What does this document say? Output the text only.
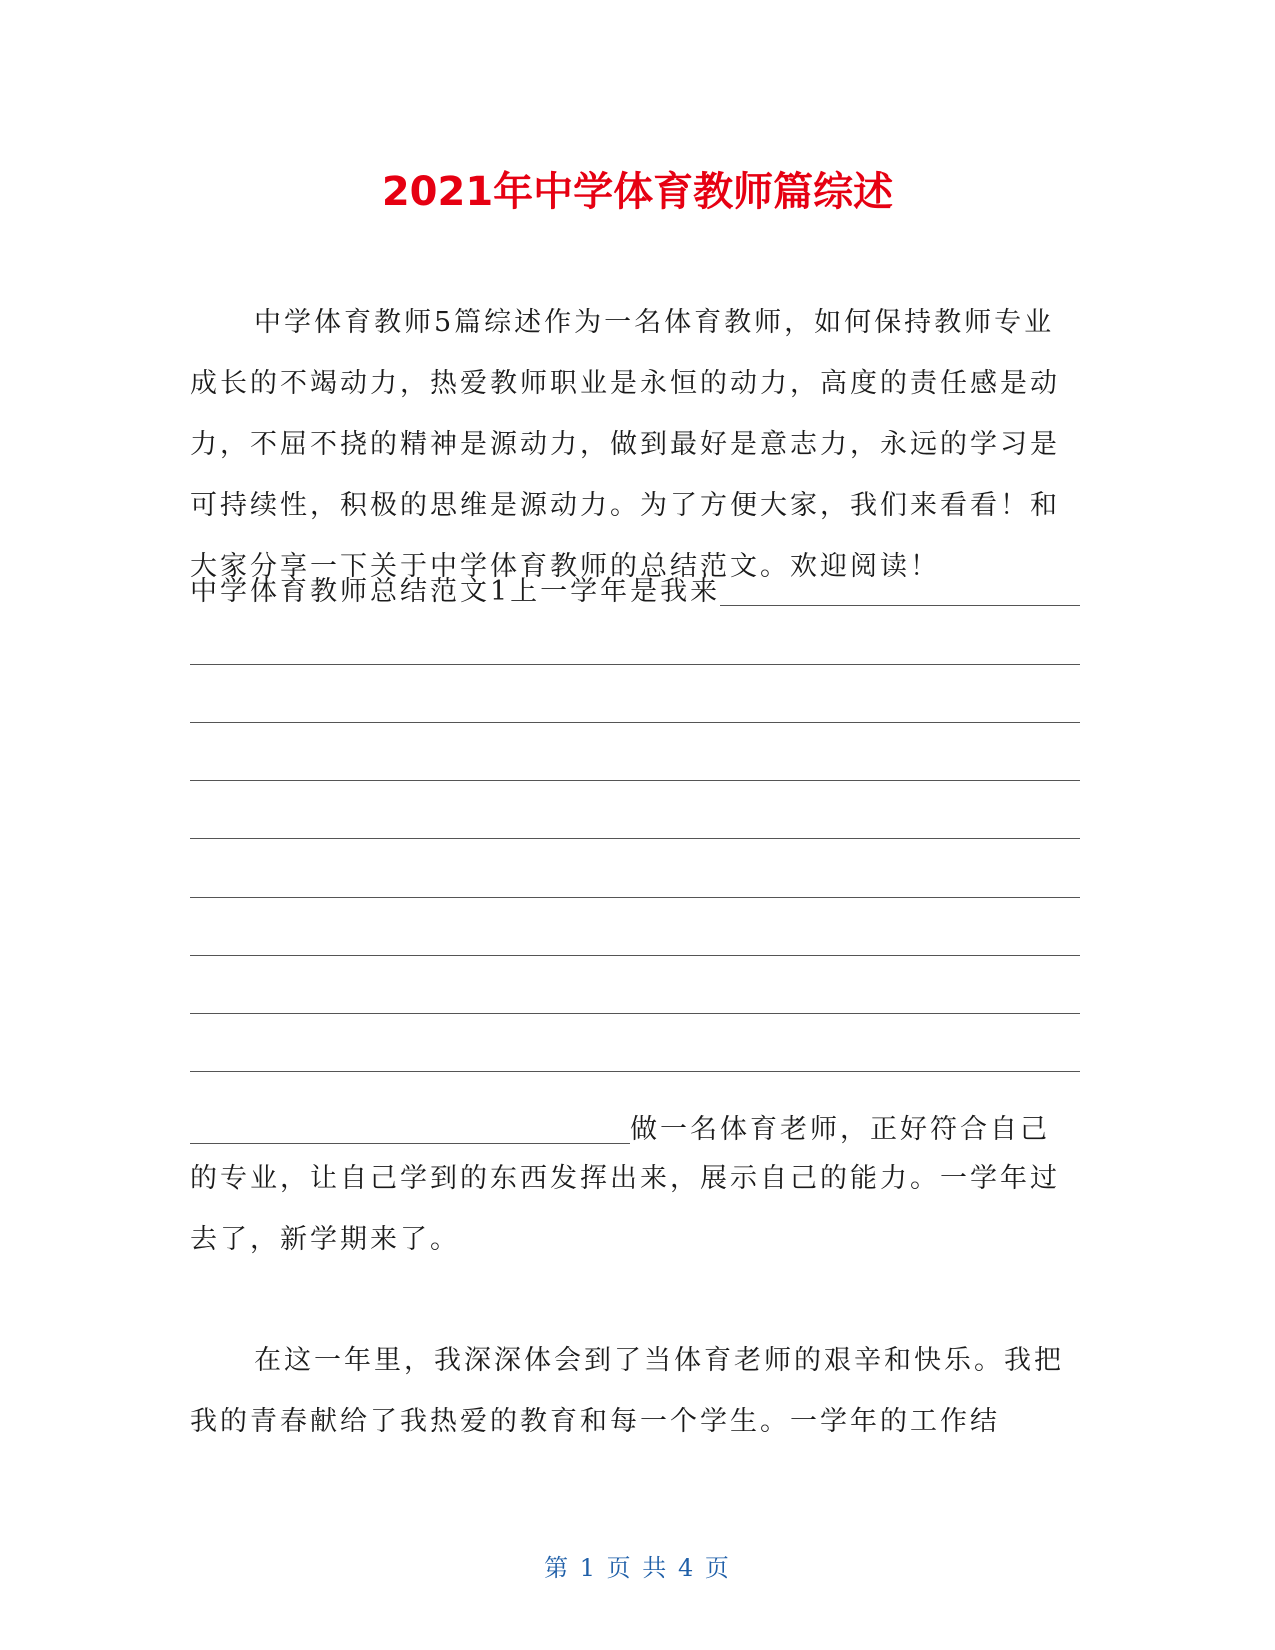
2021年中学体育教师篇综述

中学体育教师5篇综述作为一名体育教师，如何保持教师专业成长的不竭动力，热爱教师职业是永恒的动力，高度的责任感是动力，不屈不挠的精神是源动力，做到最好是意志力，永远的学习是可持续性，积极的思维是源动力。为了方便大家，我们来看看！和大家分享一下关于中学体育教师的总结范文。欢迎阅读！

中学体育教师总结范文1上一学年是我来
做一名体育老师，正好符合自己

的专业，让自己学到的东西发挥出来，展示自己的能力。一学年过去了，新学期来了。

在这一年里，我深深体会到了当体育老师的艰辛和快乐。我把我的青春献给了我热爱的教育和每一个学生。一学年的工作结

第 1 页 共 4 页
